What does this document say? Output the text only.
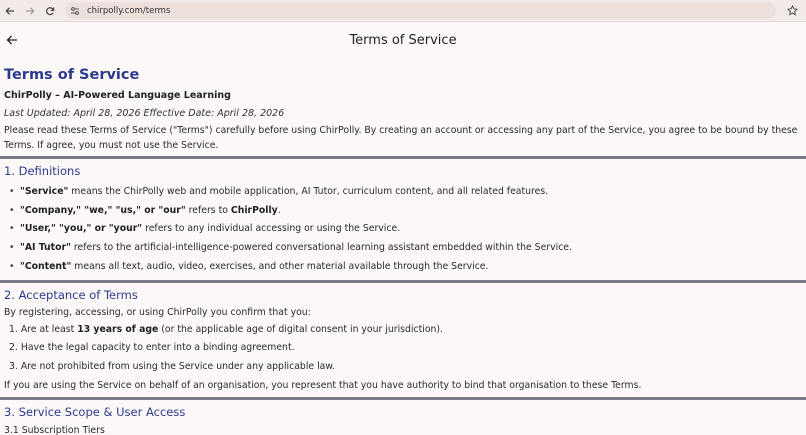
chirpolly.com/terms
Terms of Service
Terms of Service
ChirPolly – AI-Powered Language Learning
Last Updated: April 28, 2026 Effective Date: April 28, 2026
Please read these Terms of Service ("Terms") carefully before using ChirPolly. By creating an account or accessing any part of the Service, you agree to be bound by these Terms. If agree, you must not use the Service.
1. Definitions
• "Service" means the ChirPolly web and mobile application, AI Tutor, curriculum content, and all related features.
• "Company," "we," "us," or "our" refers to ChirPolly.
• "User," "you," or "your" refers to any individual accessing or using the Service.
• "AI Tutor" refers to the artificial-intelligence-powered conversational learning assistant embedded within the Service.
• "Content" means all text, audio, video, exercises, and other material available through the Service.
2. Acceptance of Terms
By registering, accessing, or using ChirPolly you confirm that you:
1. Are at least 13 years of age (or the applicable age of digital consent in your jurisdiction).
2. Have the legal capacity to enter into a binding agreement.
3. Are not prohibited from using the Service under any applicable law.
If you are using the Service on behalf of an organisation, you represent that you have authority to bind that organisation to these Terms.
3. Service Scope & User Access
3.1 Subscription Tiers
